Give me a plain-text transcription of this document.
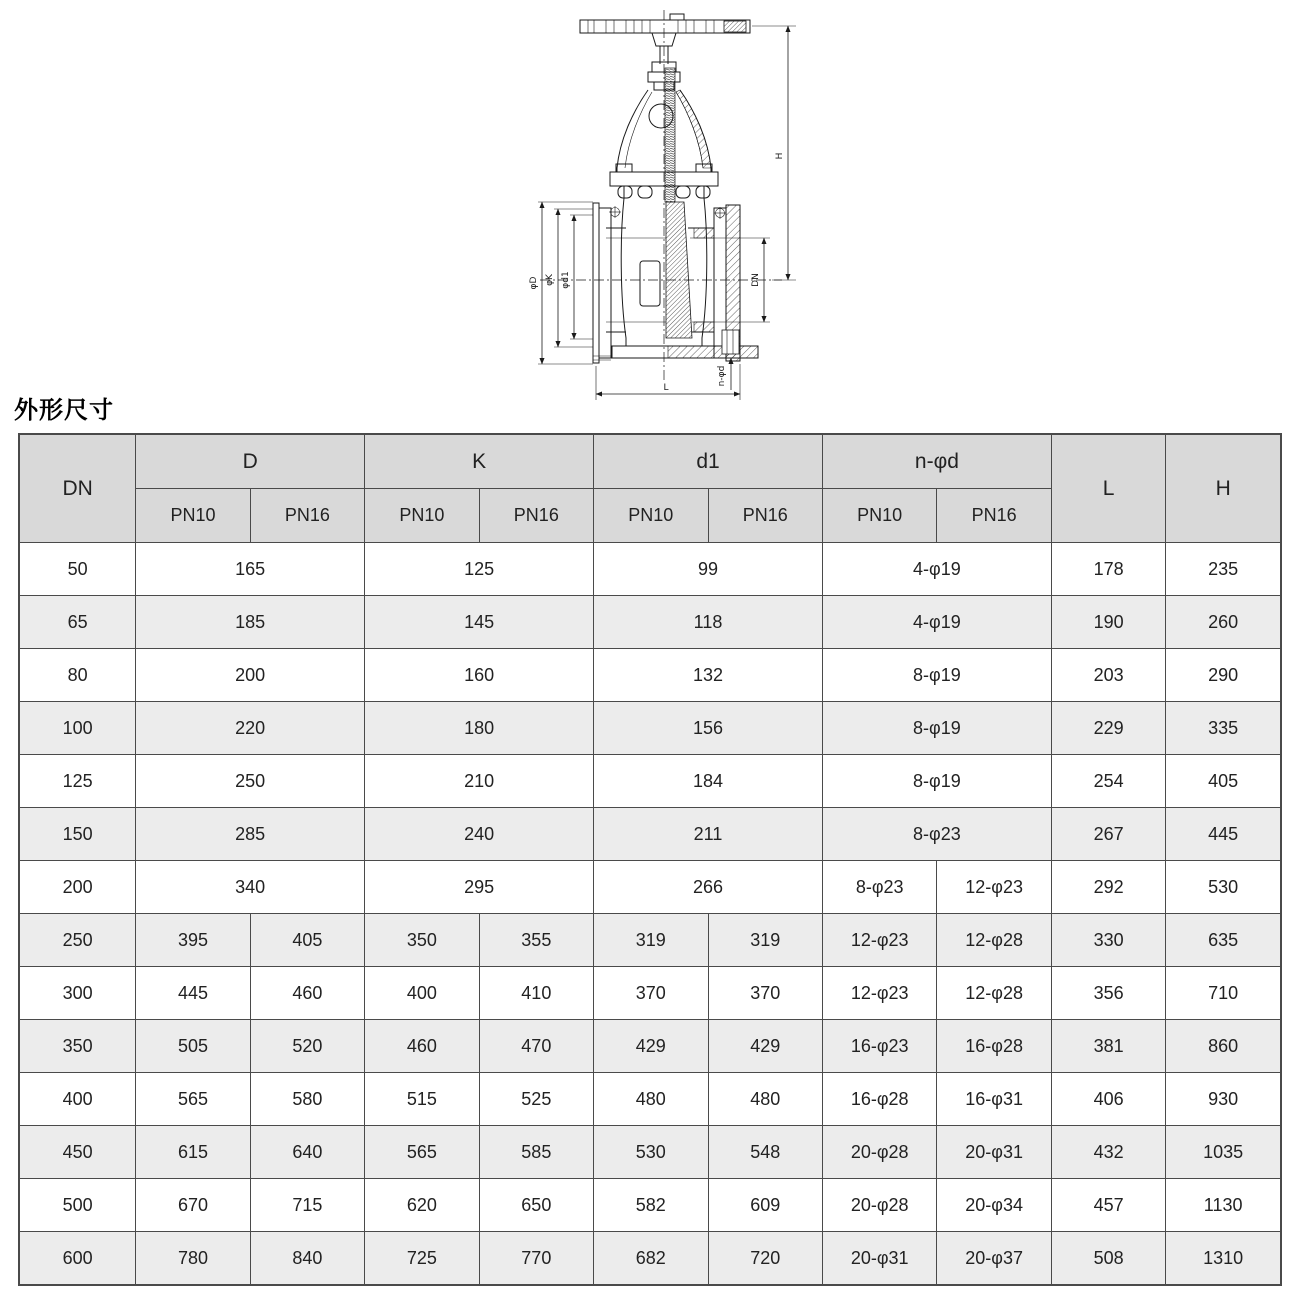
H
DN
n-φd
L
φD φK φd1
外形尺寸
DN	D		K		d1		n-φd		L	H
	PN10	PN16	PN10	PN16	PN10	PN16	PN10	PN16		
50	165		125		99		4-φ19		178	235
65	185		145		118		4-φ19		190	260
80	200		160		132		8-φ19		203	290
100	220		180		156		8-φ19		229	335
125	250		210		184		8-φ19		254	405
150	285		240		211		8-φ23		267	445
200	340		295		266		8-φ23	12-φ23	292	530
250	395	405	350	355	319	319	12-φ23	12-φ28	330	635
300	445	460	400	410	370	370	12-φ23	12-φ28	356	710
350	505	520	460	470	429	429	16-φ23	16-φ28	381	860
400	565	580	515	525	480	480	16-φ28	16-φ31	406	930
450	615	640	565	585	530	548	20-φ28	20-φ31	432	1035
500	670	715	620	650	582	609	20-φ28	20-φ34	457	1130
600	780	840	725	770	682	720	20-φ31	20-φ37	508	1310
